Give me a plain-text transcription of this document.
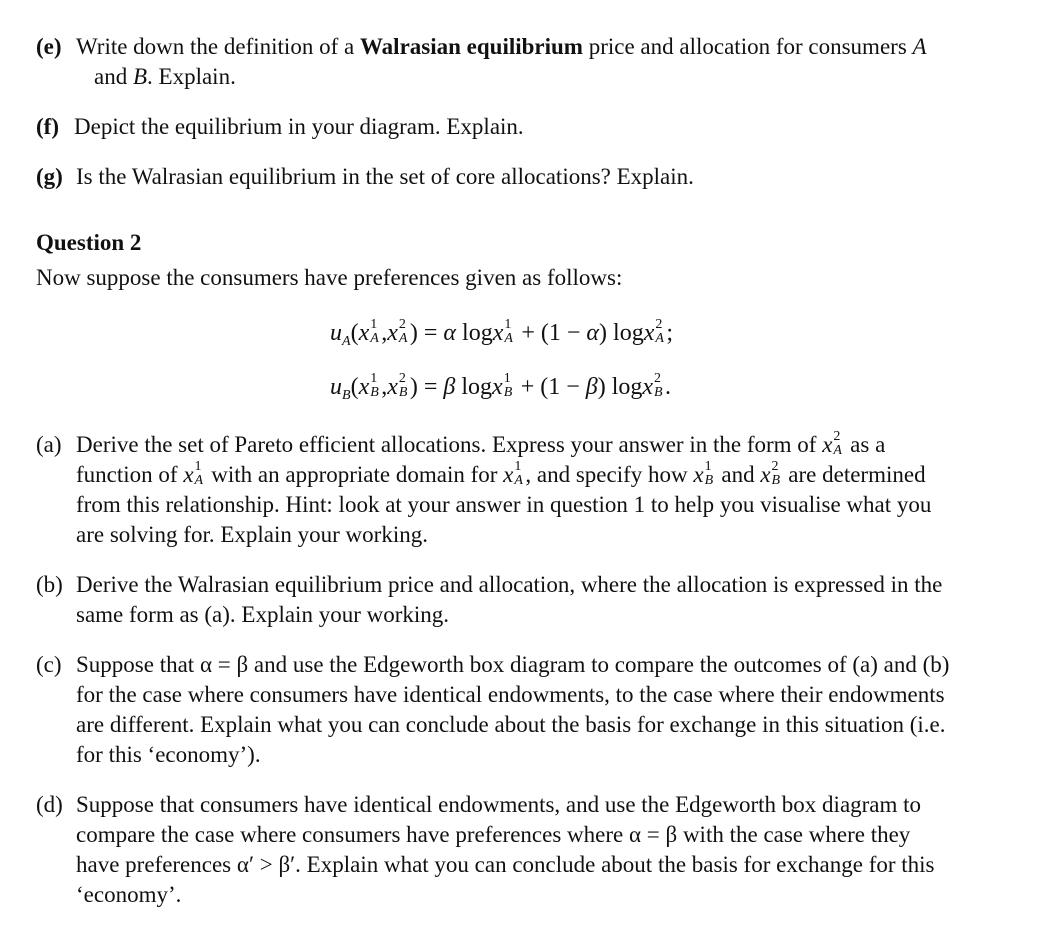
(e) Write down the definition of a Walrasian equilibrium price and allocation for consumers A
and B. Explain.
(f) Depict the equilibrium in your diagram. Explain.
(g) Is the Walrasian equilibrium in the set of core allocations? Explain.
Question 2
Now suppose the consumers have preferences given as follows:
$u_A(x$ 1
A ,x 2
A ) = α logx 1
A + (1 − α) logx 2
A ;
$u_B(x$ 1
B ,x 2
B ) = β logx 1
B + (1 − β) logx 2
B .
(a) Derive the set of Pareto efficient allocations. Express your answer in the form of x 2
A as a
function of x 1
A with an appropriate domain for x 1
A , and specify how x 1
B and x 2
B are determined
from this relationship. Hint: look at your answer in question 1 to help you visualise what you
are solving for. Explain your working.
(b) Derive the Walrasian equilibrium price and allocation, where the allocation is expressed in the
same form as (a). Explain your working.
(c) Suppose that α = β and use the Edgeworth box diagram to compare the outcomes of (a) and (b)
for the case where consumers have identical endowments, to the case where their endowments
are different. Explain what you can conclude about the basis for exchange in this situation (i.e.
for this ‘economy’).
(d) Suppose that consumers have identical endowments, and use the Edgeworth box diagram to
compare the case where consumers have preferences where α = β with the case where they
have preferences α′ > β′. Explain what you can conclude about the basis for exchange for this
‘economy’.
